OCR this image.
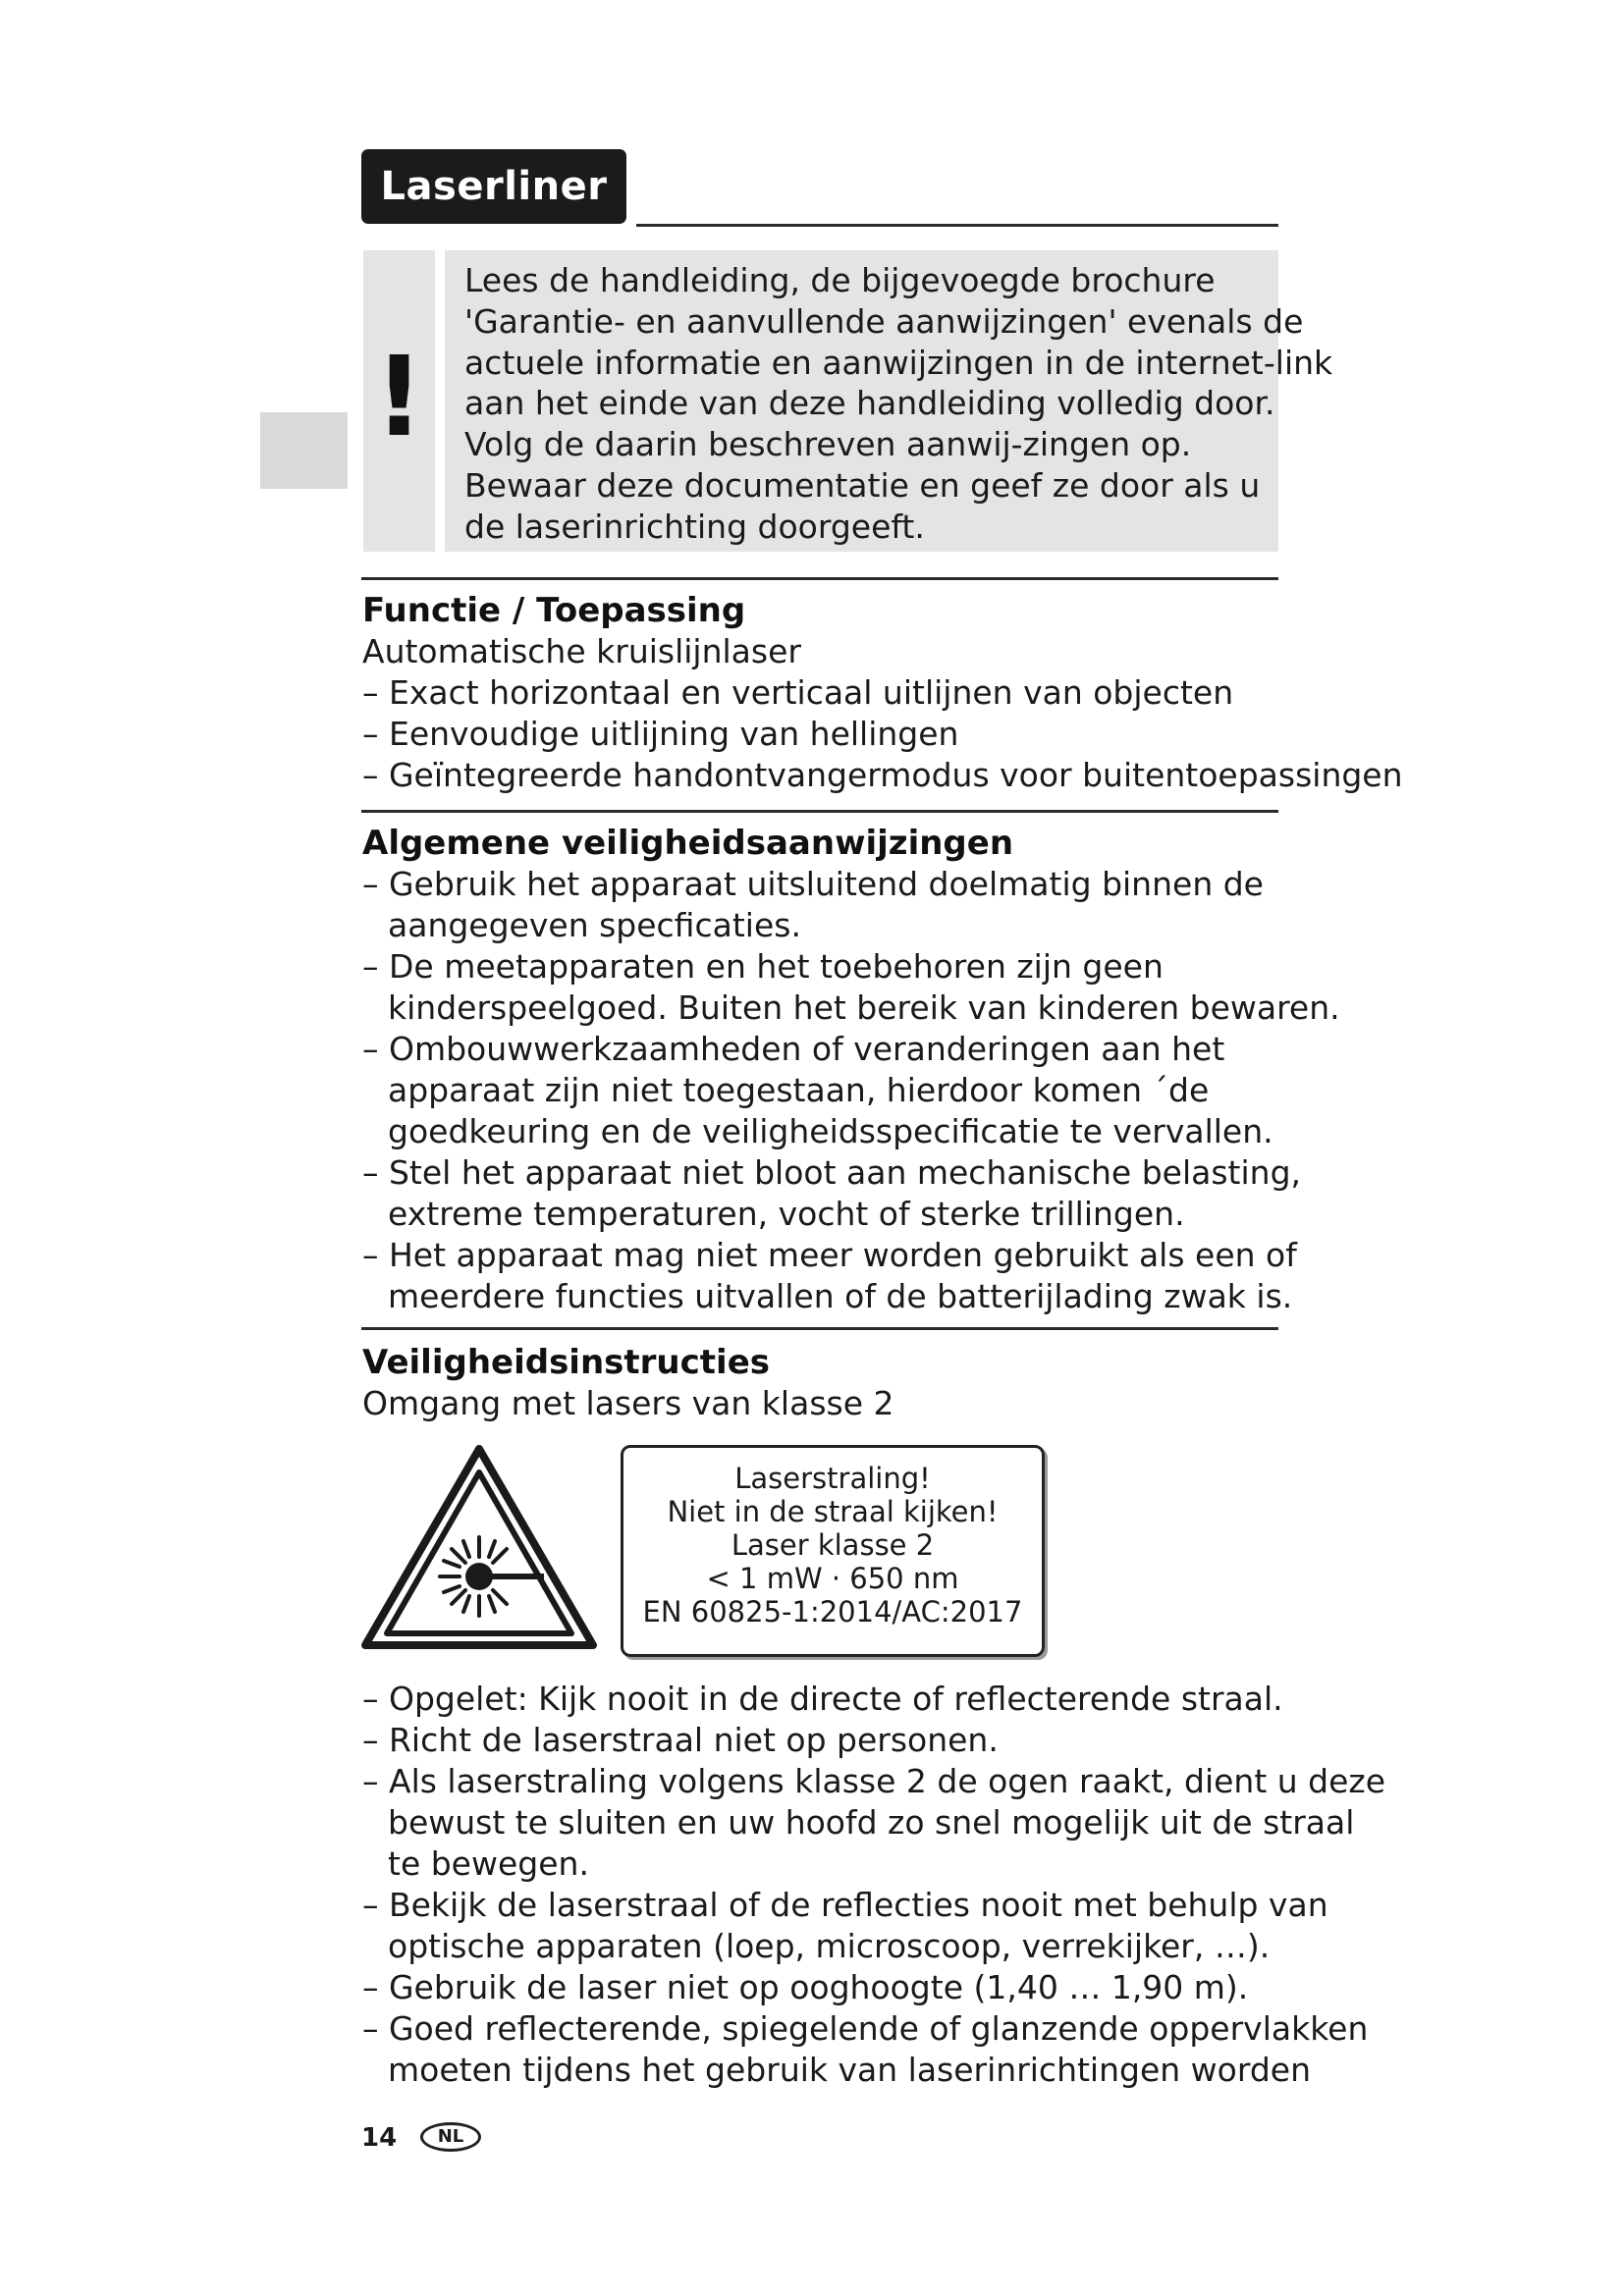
Laserliner
!
Lees de handleiding, de bijgevoegde brochure
'Garantie- en aanvullende aanwijzingen' evenals de
actuele informatie en aanwijzingen in de internet-link
aan het einde van deze handleiding volledig door.
Volg de daarin beschreven aanwij-zingen op.
Bewaar deze documentatie en geef ze door als u
de laserinrichting doorgeeft.
Functie / Toepassing
Automatische kruislijnlaser
– Exact horizontaal en verticaal uitlijnen van objecten
– Eenvoudige uitlijning van hellingen
– Geïntegreerde handontvangermodus voor buitentoepassingen
Algemene veiligheidsaanwijzingen
– Gebruik het apparaat uitsluitend doelmatig binnen de
aangegeven specficaties.
– De meetapparaten en het toebehoren zijn geen
kinderspeelgoed. Buiten het bereik van kinderen bewaren.
– Ombouwwerkzaamheden of veranderingen aan het
apparaat zijn niet toegestaan, hierdoor komen ´de
goedkeuring en de veiligheidsspecificatie te vervallen.
– Stel het apparaat niet bloot aan mechanische belasting,
extreme temperaturen, vocht of sterke trillingen.
– Het apparaat mag niet meer worden gebruikt als een of
meerdere functies uitvallen of de batterijlading zwak is.
Veiligheidsinstructies
Omgang met lasers van klasse 2
Laserstraling!
Niet in de straal kijken!
Laser klasse 2
< 1 mW · 650 nm
EN 60825-1:2014/AC:2017
– Opgelet: Kijk nooit in de directe of reflecterende straal.
– Richt de laserstraal niet op personen.
– Als laserstraling volgens klasse 2 de ogen raakt, dient u deze
bewust te sluiten en uw hoofd zo snel mogelijk uit de straal
te bewegen.
– Bekijk de laserstraal of de reflecties nooit met behulp van
optische apparaten (loep, microscoop, verrekijker, …).
– Gebruik de laser niet op ooghoogte (1,40 … 1,90 m).
– Goed reflecterende, spiegelende of glanzende oppervlakken
moeten tijdens het gebruik van laserinrichtingen worden
14	NL
